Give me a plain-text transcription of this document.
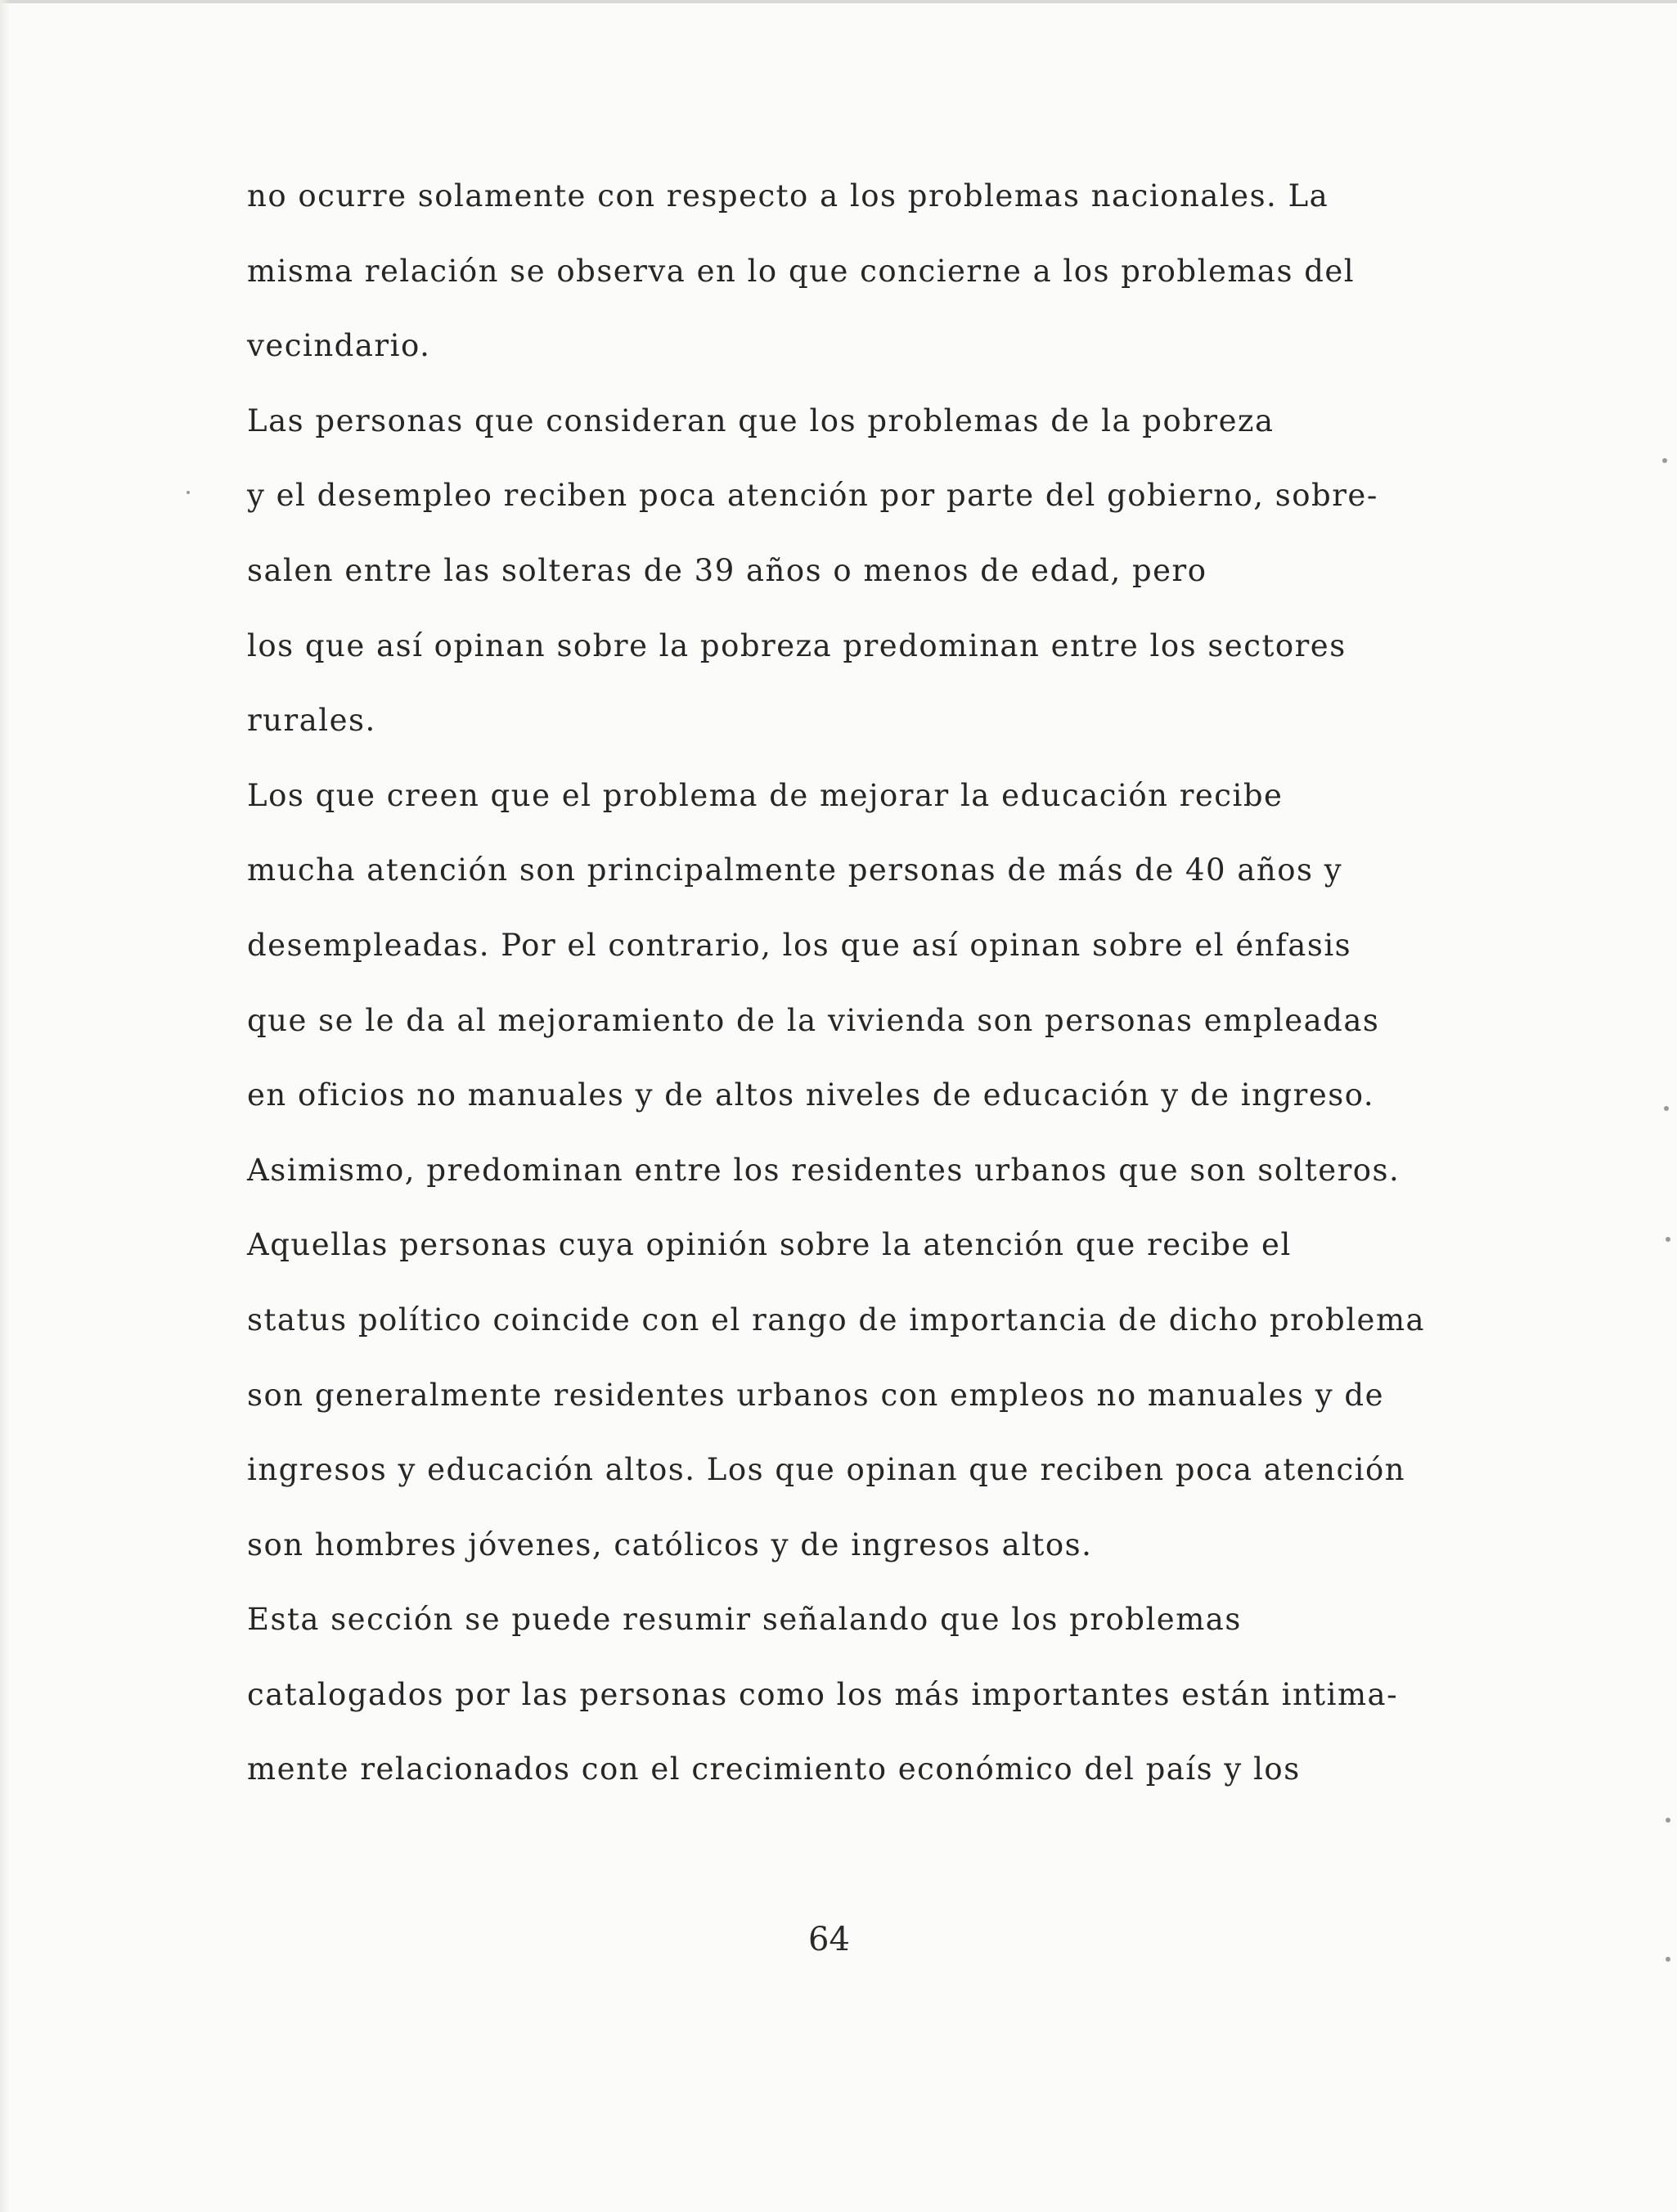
no ocurre solamente con respecto a los problemas nacionales. La
misma relación se observa en lo que concierne a los problemas del
vecindario.
Las personas que consideran que los problemas de la pobreza
y el desempleo reciben poca atención por parte del gobierno, sobre-
salen entre las solteras de 39 años o menos de edad, pero
los que así opinan sobre la pobreza predominan entre los sectores
rurales.
Los que creen que el problema de mejorar la educación recibe
mucha atención son principalmente personas de más de 40 años y
desempleadas. Por el contrario, los que así opinan sobre el énfasis
que se le da al mejoramiento de la vivienda son personas empleadas
en oficios no manuales y de altos niveles de educación y de ingreso.
Asimismo, predominan entre los residentes urbanos que son solteros.
Aquellas personas cuya opinión sobre la atención que recibe el
status político coincide con el rango de importancia de dicho problema
son generalmente residentes urbanos con empleos no manuales y de
ingresos y educación altos. Los que opinan que reciben poca atención
son hombres jóvenes, católicos y de ingresos altos.
Esta sección se puede resumir señalando que los problemas
catalogados por las personas como los más importantes están intima-
mente relacionados con el crecimiento económico del país y los
64
